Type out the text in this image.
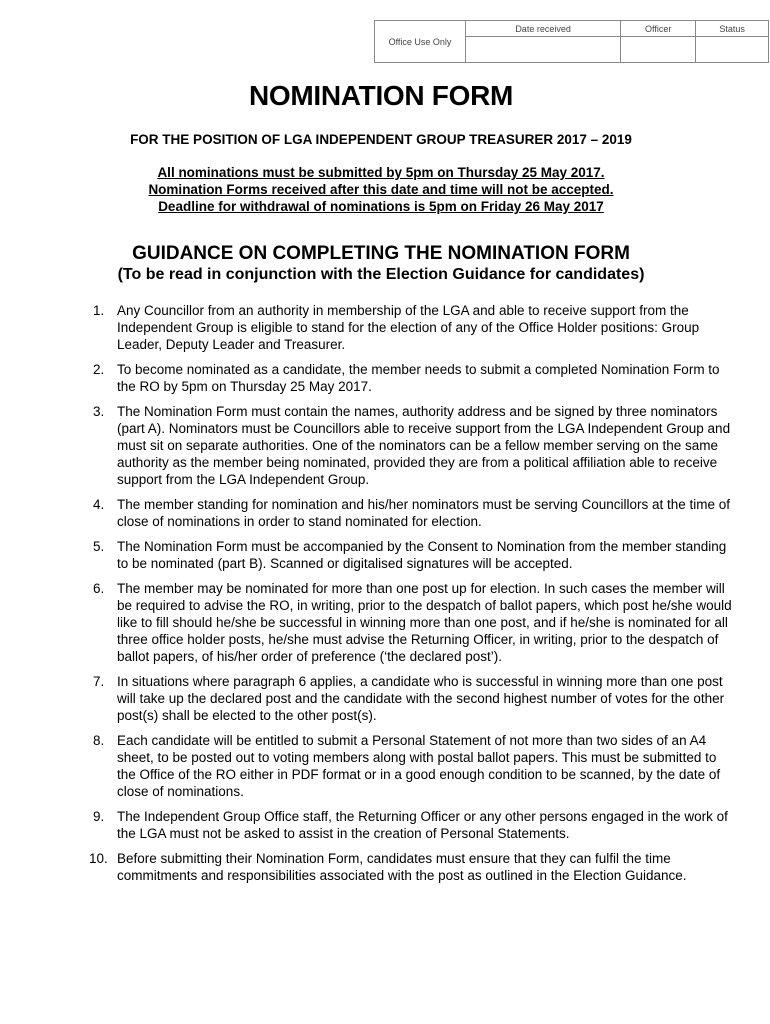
Office Use Only	Date received	Officer	Status

NOMINATION FORM

FOR THE POSITION OF LGA INDEPENDENT GROUP TREASURER 2017 – 2019

All nominations must be submitted by 5pm on Thursday 25 May 2017.
Nomination Forms received after this date and time will not be accepted.
Deadline for withdrawal of nominations is 5pm on Friday 26 May 2017
GUIDANCE ON COMPLETING THE NOMINATION FORM

(To be read in conjunction with the Election Guidance for candidates)

1. Any Councillor from an authority in membership of the LGA and able to receive support from the Independent Group is eligible to stand for the election of any of the Office Holder positions: Group Leader, Deputy Leader and Treasurer.
2. To become nominated as a candidate, the member needs to submit a completed Nomination Form to the RO by 5pm on Thursday 25 May 2017.
3. The Nomination Form must contain the names, authority address and be signed by three nominators (part A). Nominators must be Councillors able to receive support from the LGA Independent Group and must sit on separate authorities. One of the nominators can be a fellow member serving on the same authority as the member being nominated, provided they are from a political affiliation able to receive support from the LGA Independent Group.
4. The member standing for nomination and his/her nominators must be serving Councillors at the time of close of nominations in order to stand nominated for election.
5. The Nomination Form must be accompanied by the Consent to Nomination from the member standing to be nominated (part B). Scanned or digitalised signatures will be accepted.
6. The member may be nominated for more than one post up for election. In such cases the member will be required to advise the RO, in writing, prior to the despatch of ballot papers, which post he/she would like to fill should he/she be successful in winning more than one post, and if he/she is nominated for all three office holder posts, he/she must advise the Returning Officer, in writing, prior to the despatch of ballot papers, of his/her order of preference (‘the declared post’).
7. In situations where paragraph 6 applies, a candidate who is successful in winning more than one post will take up the declared post and the candidate with the second highest number of votes for the other post(s) shall be elected to the other post(s).
8. Each candidate will be entitled to submit a Personal Statement of not more than two sides of an A4 sheet, to be posted out to voting members along with postal ballot papers. This must be submitted to the Office of the RO either in PDF format or in a good enough condition to be scanned, by the date of close of nominations.
9. The Independent Group Office staff, the Returning Officer or any other persons engaged in the work of the LGA must not be asked to assist in the creation of Personal Statements.
10. Before submitting their Nomination Form, candidates must ensure that they can fulfil the time commitments and responsibilities associated with the post as outlined in the Election Guidance.
